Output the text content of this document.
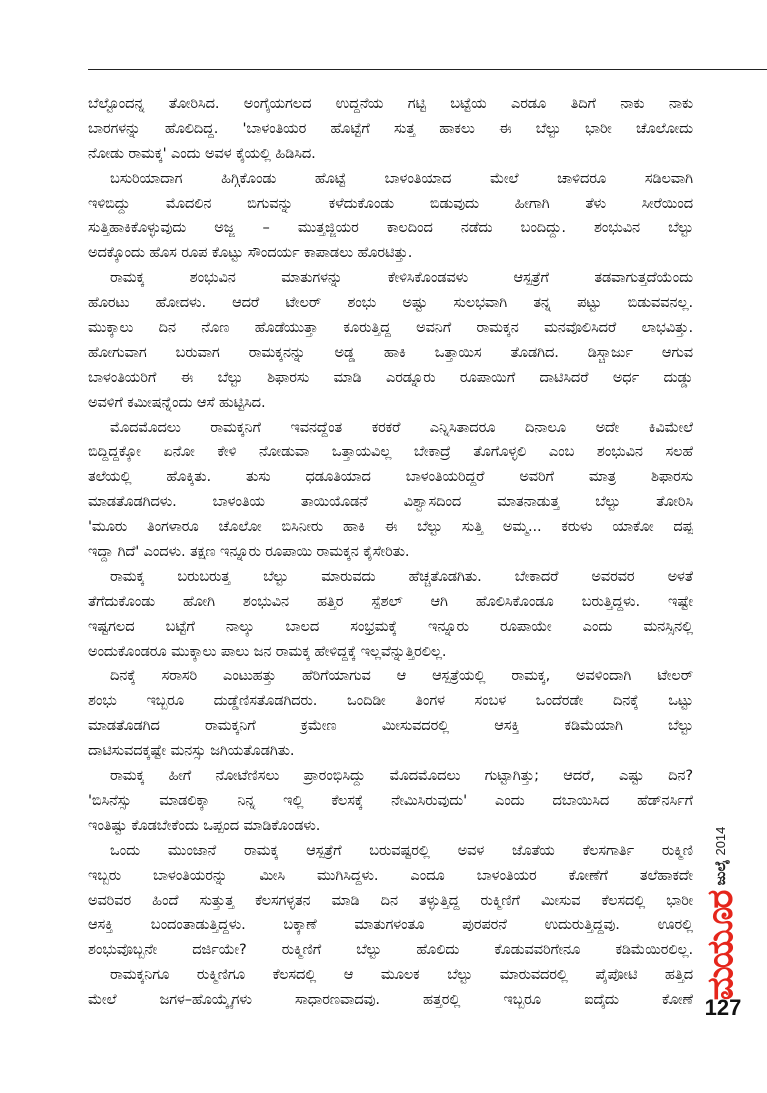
ಬೆಲ್ಟೊಂದನ್ನ ತೋರಿಸಿದ. ಅಂಗೈಯಗಲದ ಉದ್ದನೆಯ ಗಟ್ಟಿ ಬಟ್ಟೆಯ ಎರಡೂ ತಿದಿಗೆ ನಾಕು ನಾಕು
ಬಾರಗಳನ್ನು ಹೊಲಿದಿದ್ದ. 'ಬಾಳಂತಿಯರ ಹೊಟ್ಟೆಗೆ ಸುತ್ತ ಹಾಕಲು ಈ ಬೆಲ್ಟು ಭಾರೀ ಚೊಲೋದು
ನೋಡು ರಾಮಕ್ಕ' ಎಂದು ಅವಳ ಕೈಯಲ್ಲಿ ಹಿಡಿಸಿದ.
ಬಸುರಿಯಾದಾಗ ಹಿಗ್ಗಿಕೊಂಡು ಹೊಟ್ಟೆ ಬಾಳಂತಿಯಾದ ಮೇಲೆ ಚಾಳಿದರೂ ಸಡಿಲವಾಗಿ
ಇಳಿಬಿದ್ದು ಮೊದಲಿನ ಬಿಗುವನ್ನು ಕಳೆದುಕೊಂಡು ಬಿಡುವುದು ಹೀಗಾಗಿ ತೆಳು ಸೀರೆಯಿಂದ
ಸುತ್ತಿಹಾಕಿಕೊಳ್ಳುವುದು ಅಜ್ಜ – ಮುತ್ತಜ್ಜಿಯರ ಕಾಲದಿಂದ ನಡೆದು ಬಂದಿದ್ದು. ಶಂಭುವಿನ ಬೆಲ್ಟು
ಅದಕ್ಕೊಂದು ಹೊಸ ರೂಪ ಕೊಟ್ಟು ಸೌಂದರ್ಯ ಕಾಪಾಡಲು ಹೊರಟಿತ್ತು.
ರಾಮಕ್ಕ ಶಂಭುವಿನ ಮಾತುಗಳನ್ನು ಕೇಳಿಸಿಕೊಂಡವಳು ಆಸ್ಪತ್ರೆಗೆ ತಡವಾಗುತ್ತದೆಯೆಂದು
ಹೊರಟು ಹೋದಳು. ಆದರೆ ಟೇಲರ್ ಶಂಭು ಅಷ್ಟು ಸುಲಭವಾಗಿ ತನ್ನ ಪಟ್ಟು ಬಿಡುವವನಲ್ಲ.
ಮುಕ್ಕಾಲು ದಿನ ನೊಣ ಹೊಡೆಯುತ್ತಾ ಕೂರುತ್ತಿದ್ದ ಅವನಿಗೆ ರಾಮಕ್ಕನ ಮನವೊಲಿಸಿದರೆ ಲಾಭವಿತ್ತು.
ಹೋಗುವಾಗ ಬರುವಾಗ ರಾಮಕ್ಕನನ್ನು ಅಡ್ಡ ಹಾಕಿ ಒತ್ತಾಯಿಸ ತೊಡಗಿದ. ಡಿಸ್ಚಾರ್ಜು ಆಗುವ
ಬಾಳಂತಿಯರಿಗೆ ಈ ಬೆಲ್ಟು ಶಿಫಾರಸು ಮಾಡಿ ಎರಡ್ನೂರು ರೂಪಾಯಿಗೆ ದಾಟಿಸಿದರೆ ಅರ್ಧ ದುಡ್ಡು
ಅವಳಿಗೆ ಕಮೀಷನ್ನೆಂದು ಆಸೆ ಹುಟ್ಟಿಸಿದ.
ಮೊದಮೊದಲು ರಾಮಕ್ಕನಿಗೆ ಇವನದ್ದೆಂತ ಕರಕರೆ ಎನ್ನಿಸಿತಾದರೂ ದಿನಾಲೂ ಅದೇ ಕಿವಿಮೇಲೆ
ಬಿದ್ದಿದ್ದಕ್ಕೋ ಏನೋ ಕೇಳಿ ನೋಡುವಾ ಒತ್ತಾಯವಿಲ್ಲ ಬೇಕಾದ್ರೆ ತೊಗೊಳ್ಳಲಿ ಎಂಬ ಶಂಭುವಿನ ಸಲಹೆ
ತಲೆಯಲ್ಲಿ ಹೊಕ್ಕಿತು. ತುಸು ಧಡೂತಿಯಾದ ಬಾಳಂತಿಯರಿದ್ದರೆ ಅವರಿಗೆ ಮಾತ್ರ ಶಿಫಾರಸು
ಮಾಡತೊಡಗಿದಳು. ಬಾಳಂತಿಯ ತಾಯಿಯೊಡನೆ ವಿಶ್ವಾಸದಿಂದ ಮಾತನಾಡುತ್ತ ಬೆಲ್ಟು ತೋರಿಸಿ
'ಮೂರು ತಿಂಗಳಾರೂ ಚೊಲೋ ಬಿಸಿನೀರು ಹಾಕಿ ಈ ಬೆಲ್ಟು ಸುತ್ತಿ ಅಮ್ಮ... ಕರುಳು ಯಾಕೋ ದಪ್ಪ
ಇದ್ದಾ ಗಿದೆ' ಎಂದಳು. ತಕ್ಷಣ ಇನ್ನೂರು ರೂಪಾಯಿ ರಾಮಕ್ಕನ ಕೈಸೇರಿತು.
ರಾಮಕ್ಕ ಬರುಬರುತ್ತ ಬೆಲ್ಟು ಮಾರುವದು ಹೆಚ್ಚತೊಡಗಿತು. ಬೇಕಾದರೆ ಅವರವರ ಅಳತೆ
ತೆಗೆದುಕೊಂಡು ಹೋಗಿ ಶಂಭುವಿನ ಹತ್ತಿರ ಸ್ಪೆಶಲ್ ಆಗಿ ಹೊಲಿಸಿಕೊಂಡೂ ಬರುತ್ತಿದ್ದಳು. ಇಷ್ಟೇ
ಇಷ್ಟಗಲದ ಬಟ್ಟೆಗೆ ನಾಲ್ಕು ಬಾಲದ ಸಂಭ್ರಮಕ್ಕೆ ಇನ್ನೂರು ರೂಪಾಯೇ ಎಂದು ಮನಸ್ಸಿನಲ್ಲಿ
ಅಂದುಕೊಂಡರೂ ಮುಕ್ಕಾಲು ಪಾಲು ಜನ ರಾಮಕ್ಕ ಹೇಳಿದ್ದಕ್ಕೆ ಇಲ್ಲವೆನ್ನುತ್ತಿರಲಿಲ್ಲ.
ದಿನಕ್ಕೆ ಸರಾಸರಿ ಎಂಟುಹತ್ತು ಹೆರಿಗೆಯಾಗುವ ಆ ಆಸ್ಪತ್ರೆಯಲ್ಲಿ ರಾಮಕ್ಕ, ಅವಳಿಂದಾಗಿ ಟೇಲರ್
ಶಂಭು ಇಬ್ಬರೂ ದುಡ್ಡೆಣಿಸತೊಡಗಿದರು. ಒಂದಿಡೀ ತಿಂಗಳ ಸಂಬಳ ಒಂದೆರಡೇ ದಿನಕ್ಕೆ ಒಟ್ಟು
ಮಾಡತೊಡಗಿದ ರಾಮಕ್ಕನಿಗೆ ಕ್ರಮೇಣ ಮೀಸುವದರಲ್ಲಿ ಆಸಕ್ತಿ ಕಡಿಮೆಯಾಗಿ ಬೆಲ್ಟು
ದಾಟಿಸುವದಕ್ಕಷ್ಟೇ ಮನಸ್ಸು ಜಗಿಯತೊಡಗಿತು.
ರಾಮಕ್ಕ ಹೀಗೆ ನೋಟೆಣಿಸಲು ಪ್ರಾರಂಭಿಸಿದ್ದು ಮೊದಮೊದಲು ಗುಟ್ಟಾಗಿತ್ತು; ಆದರೆ, ಎಷ್ಟು ದಿನ?
'ಬಿಸಿನೆಸ್ಸು ಮಾಡಲಿಕ್ಕಾ ನಿನ್ನ ಇಲ್ಲಿ ಕೆಲಸಕ್ಕೆ ನೇಮಿಸಿರುವುದು' ಎಂದು ದಬಾಯಿಸಿದ ಹೆಡ್‌ನರ್ಸಿಗೆ
ಇಂತಿಷ್ಟು ಕೊಡಬೇಕೆಂದು ಒಪ್ಪಂದ ಮಾಡಿಕೊಂಡಳು.
ಒಂದು ಮುಂಜಾನೆ ರಾಮಕ್ಕ ಆಸ್ಪತ್ರೆಗೆ ಬರುವಷ್ಟರಲ್ಲಿ ಅವಳ ಜೊತೆಯ ಕೆಲಸಗಾರ್ತಿ ರುಕ್ಮಿಣಿ
ಇಬ್ಬರು ಬಾಳಂತಿಯರನ್ನು ಮೀಸಿ ಮುಗಿಸಿದ್ದಳು. ಎಂದೂ ಬಾಳಂತಿಯರ ಕೋಣೆಗೆ ತಲೆಹಾಕದೇ
ಅವರಿವರ ಹಿಂದೆ ಸುತ್ತುತ್ತ ಕೆಲಸಗಳ್ಳತನ ಮಾಡಿ ದಿನ ತಳ್ಳುತ್ತಿದ್ದ ರುಕ್ಮಿಣಿಗೆ ಮೀಸುವ ಕೆಲಸದಲ್ಲಿ ಭಾರೀ
ಆಸಕ್ತಿ ಬಂದಂತಾಡುತ್ತಿದ್ದಳು. ಬಕ್ಕಾಣೆ ಮಾತುಗಳಂತೂ ಪುರಪರನೆ ಉದುರುತ್ತಿದ್ದವು. ಊರಲ್ಲಿ
ಶಂಭುವೊಬ್ಬನೇ ದರ್ಜಿಯೇ? ರುಕ್ಮಿಣಿಗೆ ಬೆಲ್ಟು ಹೊಲಿದು ಕೊಡುವವರಿಗೇನೂ ಕಡಿಮೆಯಿರಲಿಲ್ಲ.
ರಾಮಕ್ಕನಿಗೂ ರುಕ್ಮಿಣಿಗೂ ಕೆಲಸದಲ್ಲಿ ಆ ಮೂಲಕ ಬೆಲ್ಟು ಮಾರುವದರಲ್ಲಿ ಪೈಪೋಟಿ ಹತ್ತಿದ
ಮೇಲೆ ಜಗಳ–ಹೊಯ್ಕೈಗಳು ಸಾಧಾರಣವಾದವು. ಹತ್ತರಲ್ಲಿ ಇಬ್ಬರೂ ಐದೈದು ಕೋಣೆ
ಜುಲೈ2014
ಮಯೂರ
127
